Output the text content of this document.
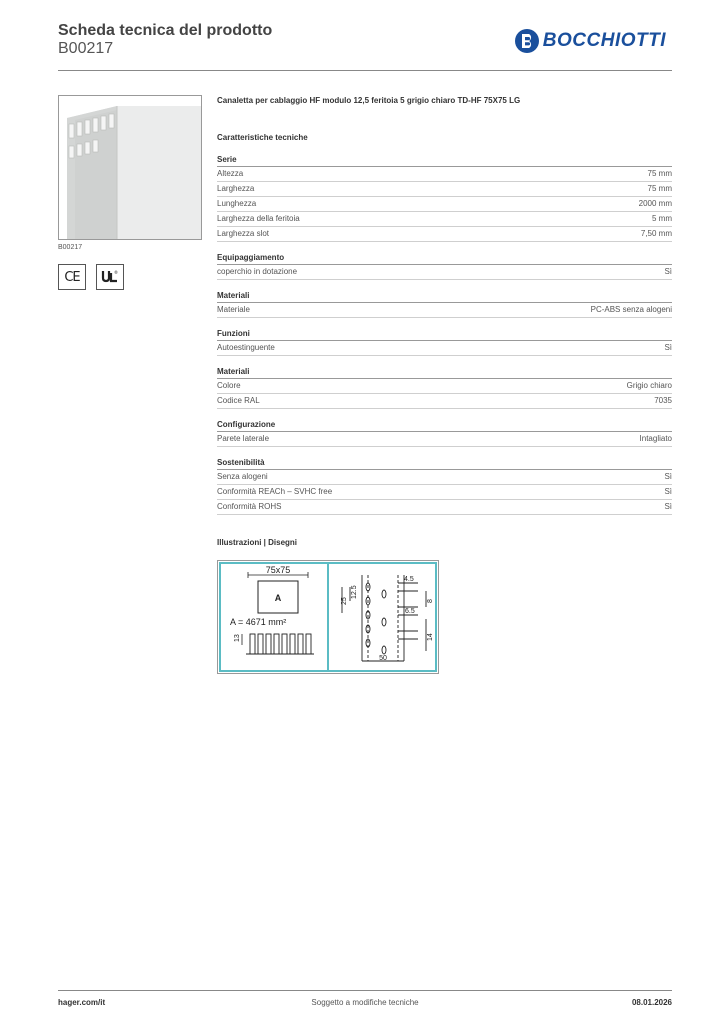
Scheda tecnica del prodotto
B00217	BOCCHIOTTI
B00217
CE	®
Canaletta per cablaggio HF modulo 12,5 feritoia 5 grigio chiaro TD-HF 75X75 LG
Caratteristiche tecniche
Serie
Altezza	75 mm
Larghezza	75 mm
Lunghezza	2000 mm
Larghezza della feritoia	5 mm
Larghezza slot	7,50 mm
Equipaggiamento
coperchio in dotazione	Sì
Materiali
Materiale	PC-ABS senza alogeni
Funzioni
Autoestinguente	Sì
Materiali
Colore	Grigio chiaro
Codice RAL	7035
Configurazione
Parete laterale	Intagliato
Sostenibilità
Senza alogeni	Sì
Conformità REACh – SVHC free	Sì
Conformità ROHS	Sì
Illustrazioni | Disegni
75x75
A
A = 4671 mm²
13
4.5
25
12.5
8
6.5
14
50
hager.com/it	Soggetto a modifiche tecniche	08.01.2026
